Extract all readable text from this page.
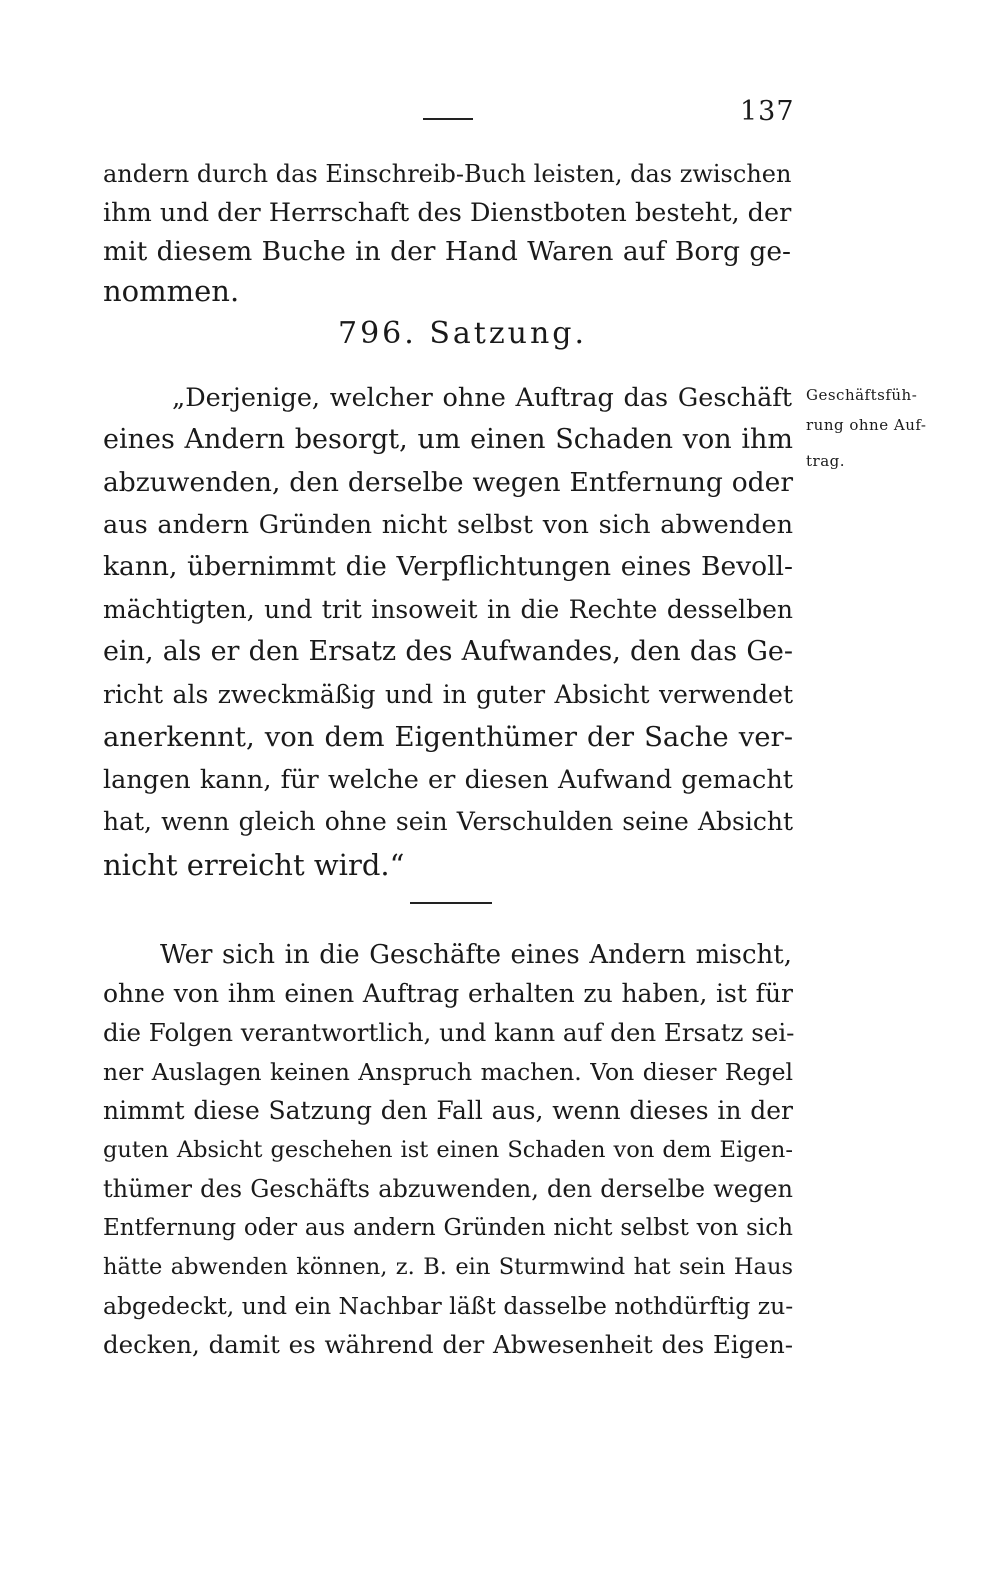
137
andern durch das Einschreib-Buch leisten, das zwischen
ihm und der Herrschaft des Dienstboten besteht, der
mit diesem Buche in der Hand Waren auf Borg ge-
nommen.
796. Satzung.
Geschäftsfüh-
rung ohne Auf-
trag.
„Derjenige, welcher ohne Auftrag das Geschäft
eines Andern besorgt, um einen Schaden von ihm
abzuwenden, den derselbe wegen Entfernung oder
aus andern Gründen nicht selbst von sich abwenden
kann, übernimmt die Verpflichtungen eines Bevoll-
mächtigten, und trit insoweit in die Rechte desselben
ein, als er den Ersatz des Aufwandes, den das Ge-
richt als zweckmäßig und in guter Absicht verwendet
anerkennt, von dem Eigenthümer der Sache ver-
langen kann, für welche er diesen Aufwand gemacht
hat, wenn gleich ohne sein Verschulden seine Absicht
nicht erreicht wird.“
Wer sich in die Geschäfte eines Andern mischt,
ohne von ihm einen Auftrag erhalten zu haben, ist für
die Folgen verantwortlich, und kann auf den Ersatz sei-
ner Auslagen keinen Anspruch machen. Von dieser Regel
nimmt diese Satzung den Fall aus, wenn dieses in der
guten Absicht geschehen ist einen Schaden von dem Eigen-
thümer des Geschäfts abzuwenden, den derselbe wegen
Entfernung oder aus andern Gründen nicht selbst von sich
hätte abwenden können, z. B. ein Sturmwind hat sein Haus
abgedeckt, und ein Nachbar läßt dasselbe nothdürftig zu-
decken, damit es während der Abwesenheit des Eigen-
